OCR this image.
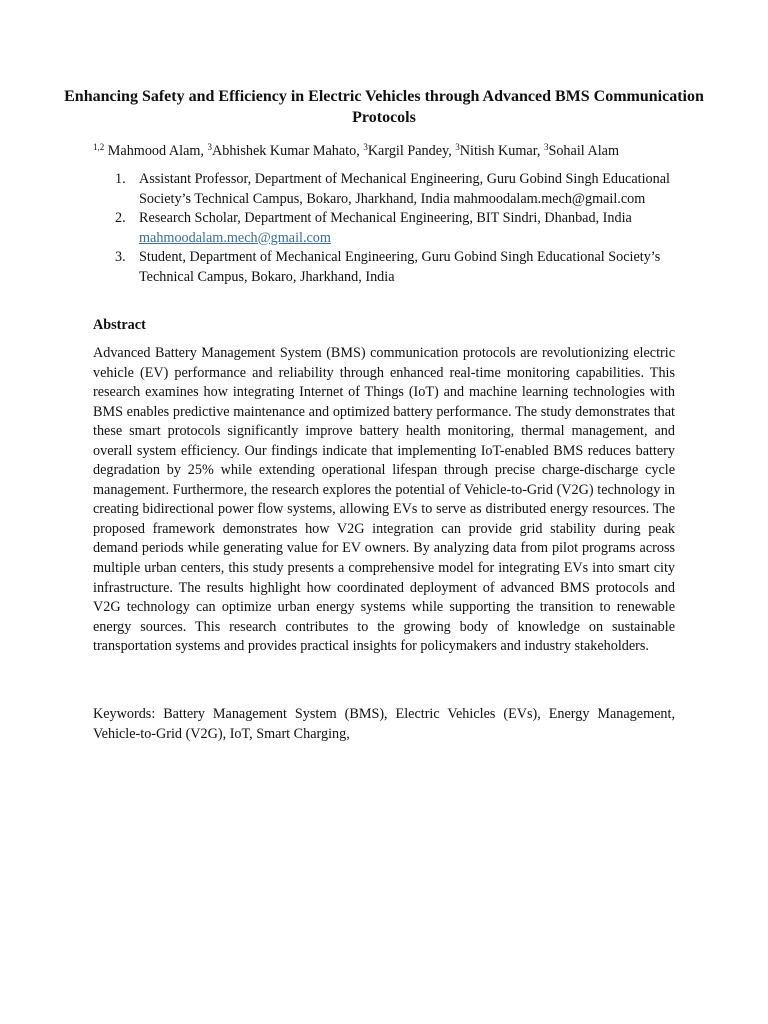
Enhancing Safety and Efficiency in Electric Vehicles through Advanced BMS Communication Protocols
$^{1,2}$ Mahmood Alam, $^3$Abhishek Kumar Mahato, $^3$Kargil Pandey, $^3$Nitish Kumar, $^3$Sohail Alam
1. Assistant Professor, Department of Mechanical Engineering, Guru Gobind Singh Educational Society’s Technical Campus, Bokaro, Jharkhand, India mahmoodalam.mech@gmail.com
2. Research Scholar, Department of Mechanical Engineering, BIT Sindri, Dhanbad, India mahmoodalam.mech@gmail.com
3. Student, Department of Mechanical Engineering, Guru Gobind Singh Educational Society’s Technical Campus, Bokaro, Jharkhand, India
Abstract

Advanced Battery Management System (BMS) communication protocols are revolutionizing electric vehicle (EV) performance and reliability through enhanced real-time monitoring capabilities. This research examines how integrating Internet of Things (IoT) and machine learning technologies with BMS enables predictive maintenance and optimized battery performance. The study demonstrates that these smart protocols significantly improve battery health monitoring, thermal management, and overall system efficiency. Our findings indicate that implementing IoT-enabled BMS reduces battery degradation by 25% while extending operational lifespan through precise charge-discharge cycle management. Furthermore, the research explores the potential of Vehicle-to-Grid (V2G) technology in creating bidirectional power flow systems, allowing EVs to serve as distributed energy resources. The proposed framework demonstrates how V2G integration can provide grid stability during peak demand periods while generating value for EV owners. By analyzing data from pilot programs across multiple urban centers, this study presents a comprehensive model for integrating EVs into smart city infrastructure. The results highlight how coordinated deployment of advanced BMS protocols and V2G technology can optimize urban energy systems while supporting the transition to renewable energy sources. This research contributes to the growing body of knowledge on sustainable transportation systems and provides practical insights for policymakers and industry stakeholders.

Keywords: Battery Management System (BMS), Electric Vehicles (EVs), Energy Management, Vehicle-to-Grid (V2G), IoT, Smart Charging,
